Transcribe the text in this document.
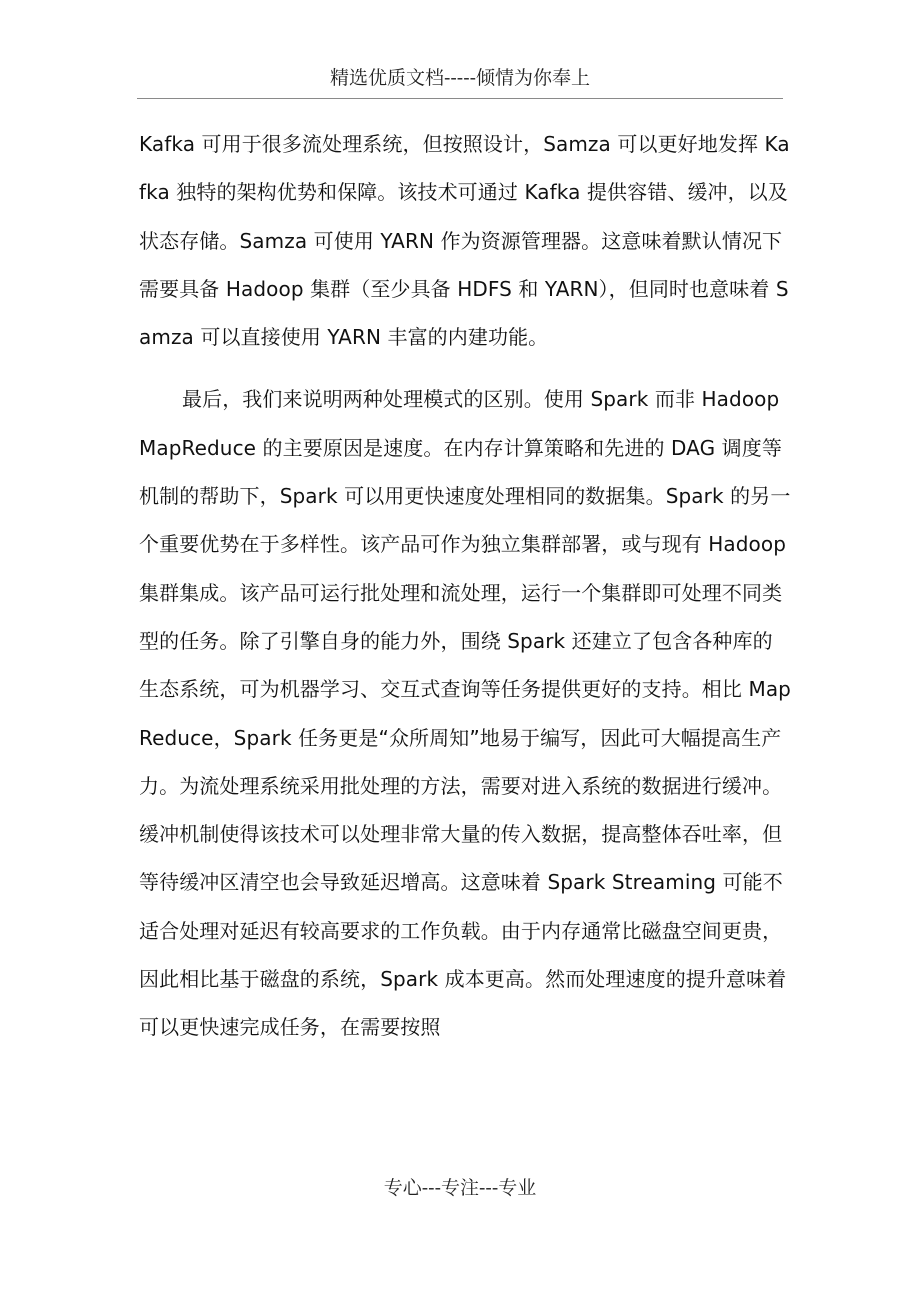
精选优质文档-----倾情为你奉上

Kafka 可用于很多流处理系统，但按照设计，Samza 可以更好地发挥 Kafka 独特的架构优势和保障。该技术可通过 Kafka 提供容错、缓冲，以及状态存储。Samza 可使用 YARN 作为资源管理器。这意味着默认情况下需要具备 Hadoop 集群（至少具备 HDFS 和 YARN），但同时也意味着 Samza 可以直接使用 YARN 丰富的内建功能。

最后，我们来说明两种处理模式的区别。使用 Spark 而非 Hadoop MapReduce 的主要原因是速度。在内存计算策略和先进的 DAG 调度等机制的帮助下，Spark 可以用更快速度处理相同的数据集。Spark 的另一个重要优势在于多样性。该产品可作为独立集群部署，或与现有 Hadoop 集群集成。该产品可运行批处理和流处理，运行一个集群即可处理不同类型的任务。除了引擎自身的能力外，围绕 Spark 还建立了包含各种库的生态系统，可为机器学习、交互式查询等任务提供更好的支持。相比 MapReduce，Spark 任务更是“众所周知”地易于编写，因此可大幅提高生产力。为流处理系统采用批处理的方法，需要对进入系统的数据进行缓冲。缓冲机制使得该技术可以处理非常大量的传入数据，提高整体吞吐率，但等待缓冲区清空也会导致延迟增高。这意味着 Spark Streaming 可能不适合处理对延迟有较高要求的工作负载。由于内存通常比磁盘空间更贵，因此相比基于磁盘的系统，Spark 成本更高。然而处理速度的提升意味着可以更快速完成任务，在需要按照

专心---专注---专业
